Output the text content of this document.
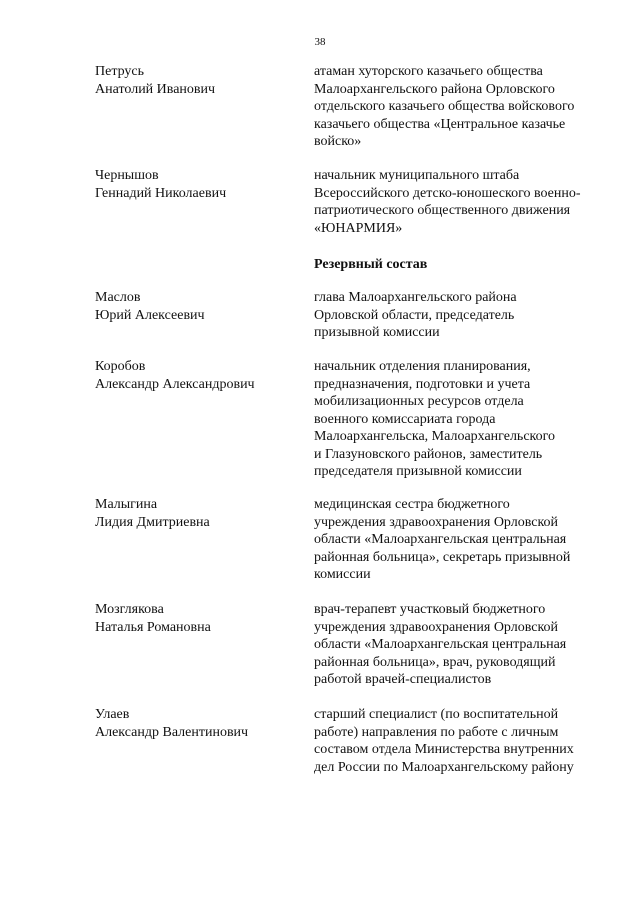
38
Петрусь
Анатолий Иванович
атаман хуторского казачьего общества
Малоархангельского района Орловского
отдельского казачьего общества войскового
казачьего общества «Центральное казачье
войско»
Чернышов
Геннадий Николаевич
начальник муниципального штаба
Всероссийского детско-юношеского военно-
патриотического общественного движения
«ЮНАРМИЯ»
Резервный состав
Маслов
Юрий Алексеевич
глава Малоархангельского района
Орловской области, председатель
призывной комиссии
Коробов
Александр Александрович
начальник отделения планирования,
предназначения, подготовки и учета
мобилизационных ресурсов отдела
военного комиссариата города
Малоархангельска, Малоархангельского
и Глазуновского районов, заместитель
председателя призывной комиссии
Малыгина
Лидия Дмитриевна
медицинская сестра бюджетного
учреждения здравоохранения Орловской
области «Малоархангельская центральная
районная больница», секретарь призывной
комиссии
Мозглякова
Наталья Романовна
врач-терапевт участковый бюджетного
учреждения здравоохранения Орловской
области «Малоархангельская центральная
районная больница», врач, руководящий
работой врачей-специалистов
Улаев
Александр Валентинович
старший специалист (по воспитательной
работе) направления по работе с личным
составом отдела Министерства внутренних
дел России по Малоархангельскому району
